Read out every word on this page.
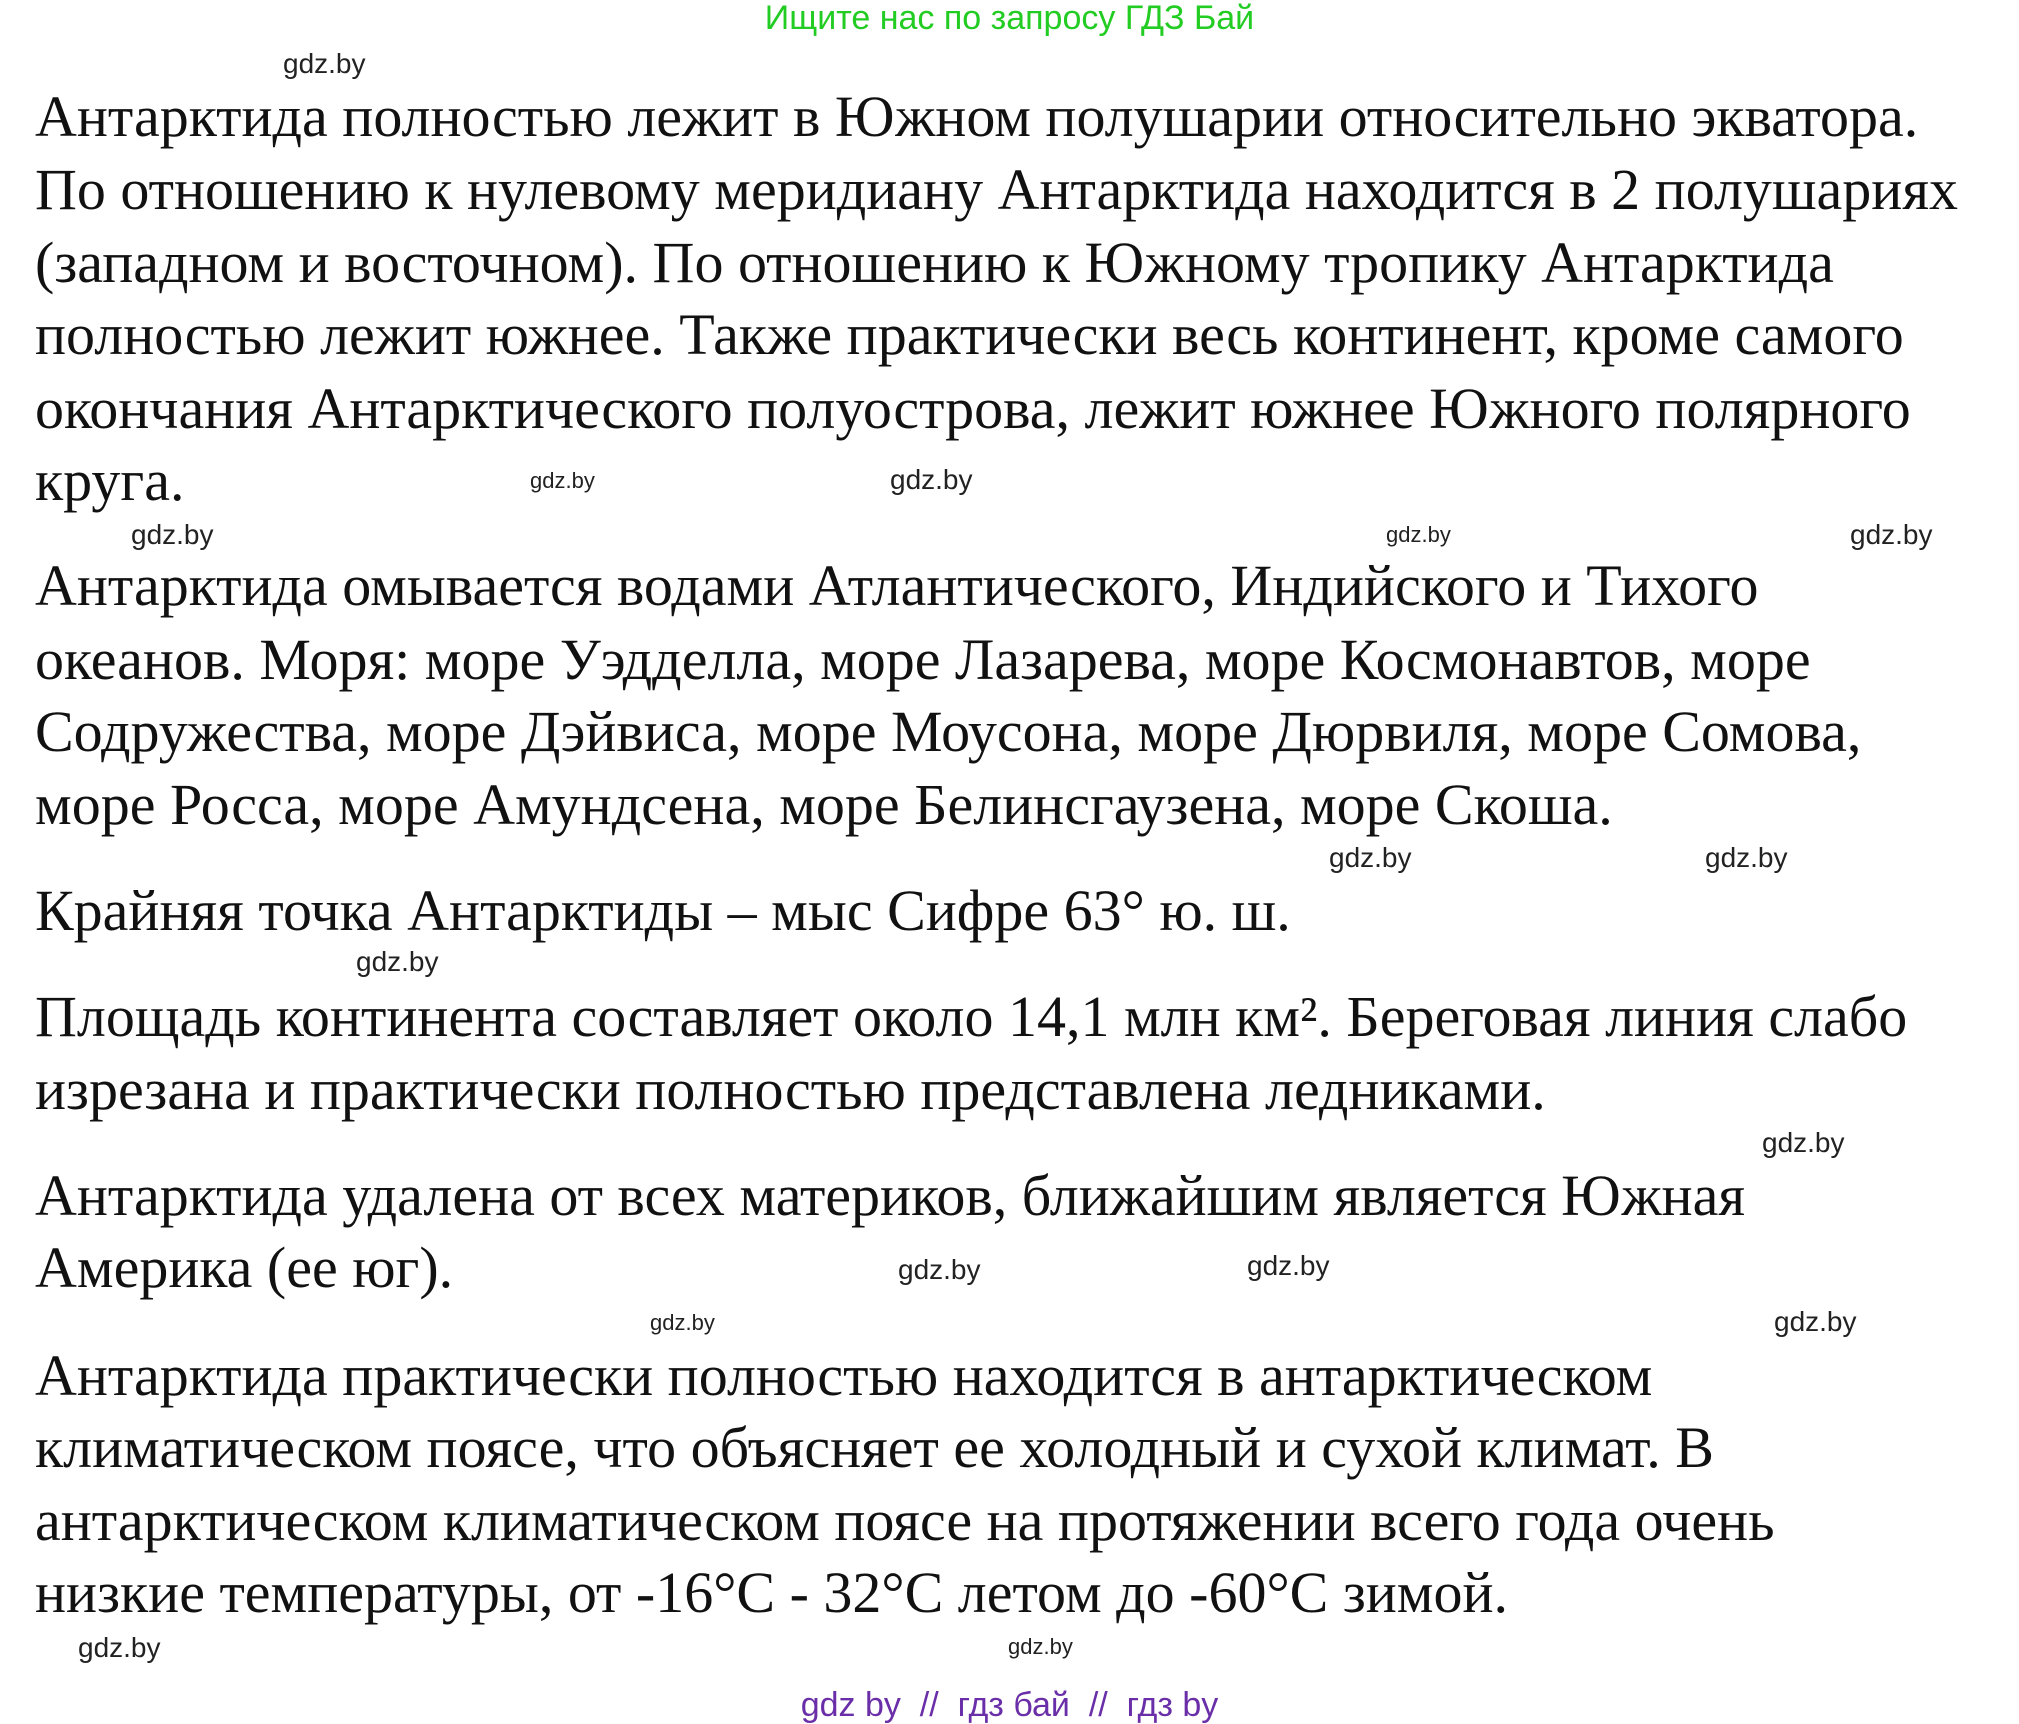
Ищите нас по запросу ГДЗ Бай
Антарктида полностью лежит в Южном полушарии относительно экватора.
По отношению к нулевому меридиану Антарктида находится в 2 полушариях
(западном и восточном). По отношению к Южному тропику Антарктида
полностью лежит южнее. Также практически весь континент, кроме самого
окончания Антарктического полуострова, лежит южнее Южного полярного
круга.
Антарктида омывается водами Атлантического, Индийского и Тихого
океанов. Моря: море Уэдделла, море Лазарева, море Космонавтов, море
Содружества, море Дэйвиса, море Моусона, море Дюрвиля, море Сомова,
море Росса, море Амундсена, море Белинсгаузена, море Скоша.
Крайняя точка Антарктиды – мыс Сифре 63° ю. ш.
Площадь континента составляет около 14,1 млн км². Береговая линия слабо
изрезана и практически полностью представлена ледниками.
Антарктида удалена от всех материков, ближайшим является Южная
Америка (ее юг).
Антарктида практически полностью находится в антарктическом
климатическом поясе, что объясняет ее холодный и сухой климат. В
антарктическом климатическом поясе на протяжении всего года очень
низкие температуры, от -16°C - 32°C летом до -60°C зимой.
gdz.by
gdz.by
gdz.by	gdz.by
gdz.by
gdz.by
gdz.by
gdz.by
gdz.by
gdz.by
gdz.by
gdz.by
gdz.by
gdz.by
gdz.by
gdz.by
gdz by  //  гдз бай  //  гдз by
